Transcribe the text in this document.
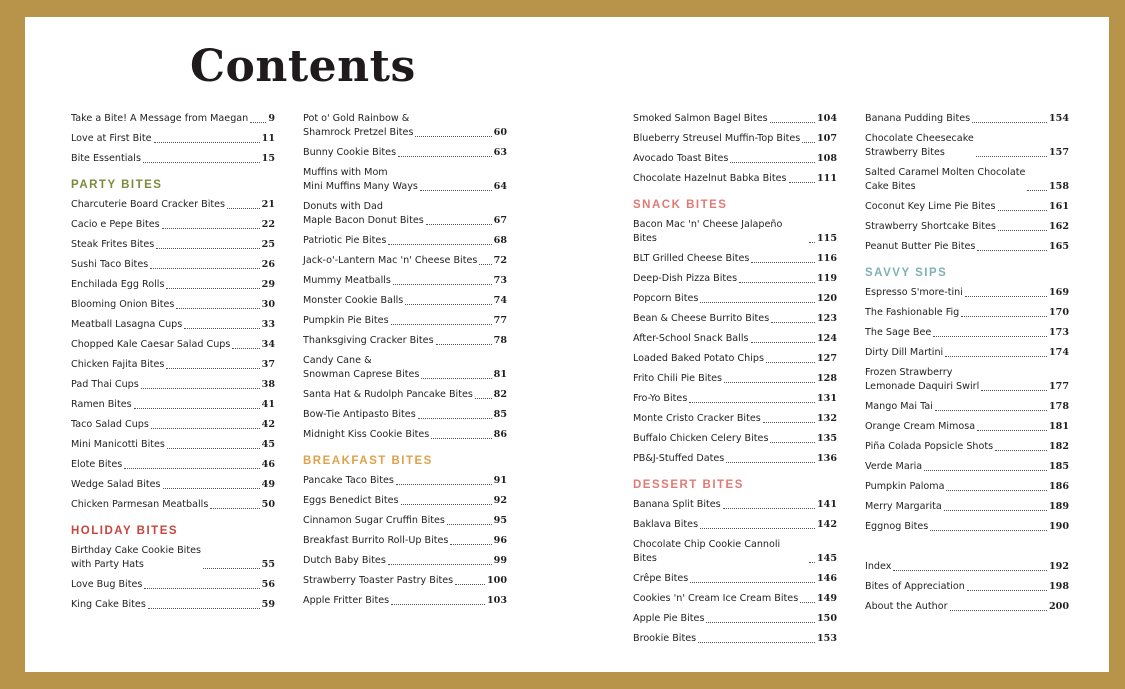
Contents
Take a Bite! A Message from Maegan 9
Love at First Bite	11
Bite Essentials	15
PARTY BITES
Charcuterie Board Cracker Bites	21
Cacio e Pepe Bites	22
Steak Frites Bites	25
Sushi Taco Bites	26
Enchilada Egg Rolls	29
Blooming Onion Bites	30
Meatball Lasagna Cups	33
Chopped Kale Caesar Salad Cups	34
Chicken Fajita Bites	37
Pad Thai Cups	38
Ramen Bites	41
Taco Salad Cups	42
Mini Manicotti Bites	45
Elote Bites	46
Wedge Salad Bites	49
Chicken Parmesan Meatballs	50
HOLIDAY BITES
Birthday Cake Cookie Bites
with Party Hats	55
Love Bug Bites	56
King Cake Bites	59
Pot o' Gold Rainbow &
Shamrock Pretzel Bites	60
Bunny Cookie Bites	63
Muffins with Mom
Mini Muffins Many Ways	64
Donuts with Dad
Maple Bacon Donut Bites	67
Patriotic Pie Bites	68
Jack-o'-Lantern Mac 'n' Cheese Bites 72
Mummy Meatballs	73
Monster Cookie Balls	74
Pumpkin Pie Bites	77
Thanksgiving Cracker Bites	78
Candy Cane &
Snowman Caprese Bites	81
Santa Hat & Rudolph Pancake Bites 82
Bow-Tie Antipasto Bites	85
Midnight Kiss Cookie Bites	86
BREAKFAST BITES
Pancake Taco Bites	91
Eggs Benedict Bites	92
Cinnamon Sugar Cruffin Bites	95
Breakfast Burrito Roll-Up Bites	96
Dutch Baby Bites	99
Strawberry Toaster Pastry Bites	100
Apple Fritter Bites	103
Smoked Salmon Bagel Bites	104
Blueberry Streusel Muffin-Top Bites 107
Avocado Toast Bites	108
Chocolate Hazelnut Babka Bites	111
SNACK BITES
Bacon Mac 'n' Cheese Jalapeño Bites	115
BLT Grilled Cheese Bites	116
Deep-Dish Pizza Bites	119
Popcorn Bites	120
Bean & Cheese Burrito Bites	123
After-School Snack Balls	124
Loaded Baked Potato Chips	127
Frito Chili Pie Bites	128
Fro-Yo Bites	131
Monte Cristo Cracker Bites	132
Buffalo Chicken Celery Bites	135
PB&J-Stuffed Dates	136
DESSERT BITES
Banana Split Bites	141
Baklava Bites	142
Chocolate Chip Cookie Cannoli Bites	145
Crêpe Bites	146
Cookies 'n' Cream Ice Cream Bites 149
Apple Pie Bites	150
Brookie Bites	153
Banana Pudding Bites	154
Chocolate Cheesecake
Strawberry Bites	157
Salted Caramel Molten Chocolate
Cake Bites	158
Coconut Key Lime Pie Bites	161
Strawberry Shortcake Bites	162
Peanut Butter Pie Bites	165
SAVVY SIPS
Espresso S'more-tini	169
The Fashionable Fig	170
The Sage Bee	173
Dirty Dill Martini	174
Frozen Strawberry
Lemonade Daquiri Swirl	177
Mango Mai Tai	178
Orange Cream Mimosa	181
Piña Colada Popsicle Shots	182
Verde Maria	185
Pumpkin Paloma	186
Merry Margarita	189
Eggnog Bites	190
Index	192
Bites of Appreciation	198
About the Author	200
